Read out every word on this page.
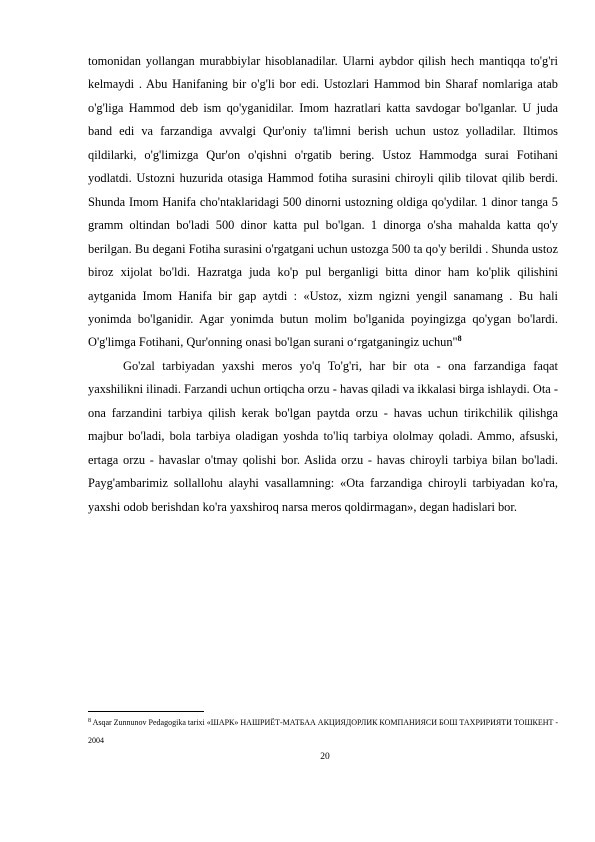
tomonidan yollangan murabbiylar hisoblanadilar. Ularni aybdor qilish hech mantiqqa to'g'ri kelmaydi . Abu Hanifaning bir o'g'li bor edi. Ustozlari Hammod bin Sharaf nomlariga atab o'g'liga Hammod deb ism qo'yganidilar. Imom hazratlari katta savdogar bo'lganlar. U juda band edi va farzandiga avvalgi Qur'oniy ta'limni berish uchun ustoz yolladilar. Iltimos qildilarki, o'g'limizga Qur'on o'qishni o'rgatib bering. Ustoz Hammodga surai Fotihani yodlatdi. Ustozni huzurida otasiga Hammod fotiha surasini chiroyli qilib tilovat qilib berdi. Shunda Imom Hanifa cho'ntaklaridagi 500 dinorni ustozning oldiga qo'ydilar. 1 dinor tanga 5 gramm oltindan bo'ladi 500 dinor katta pul bo'lgan. 1 dinorga o'sha mahalda katta qo'y berilgan. Bu degani Fotiha surasini o'rgatgani uchun ustozga 500 ta qo'y berildi . Shunda ustoz biroz xijolat bo'ldi. Hazratga juda ko'p pul berganligi bitta dinor ham ko'plik qilishini aytganida Imom Hanifa bir gap aytdi : «Ustoz, xizm ngizni yengil sanamang . Bu hali yonimda bo'lganidir. Agar yonimda butun molim bo'lganida poyingizga qo'ygan bo'lardi. O'g'limga Fotihani, Qur'onning onasi bo'lgan surani o‘rgatganingiz uchun"$^8$

Go'zal tarbiyadan yaxshi meros yo'q To'g'ri, har bir ota - ona farzandiga faqat yaxshilikni ilinadi. Farzandi uchun ortiqcha orzu - havas qiladi va ikkalasi birga ishlaydi. Ota - ona farzandini tarbiya qilish kerak bo'lgan paytda orzu - havas uchun tirikchilik qilishga majbur bo'ladi, bola tarbiya oladigan yoshda to'liq tarbiya ololmay qoladi. Ammo, afsuski, ertaga orzu - havaslar o'tmay qolishi bor. Aslida orzu - havas chiroyli tarbiya bilan bo'ladi. Payg'ambarimiz sollallohu alayhi vasallamning: «Ota farzandiga chiroyli tarbiyadan ko'ra, yaxshi odob berishdan ko'ra yaxshiroq narsa meros qoldirmagan», degan hadislari bor.

$^8$ Asqar Zunnunov Pedagogika tarixi «ШАРК» НАШРИЁТ-МАТБАА АКЦИЯДОРЛИК КОМПАНИЯСИ БОШ ТАХРИРИЯТИ ТОШКЕНТ - 2004
20
